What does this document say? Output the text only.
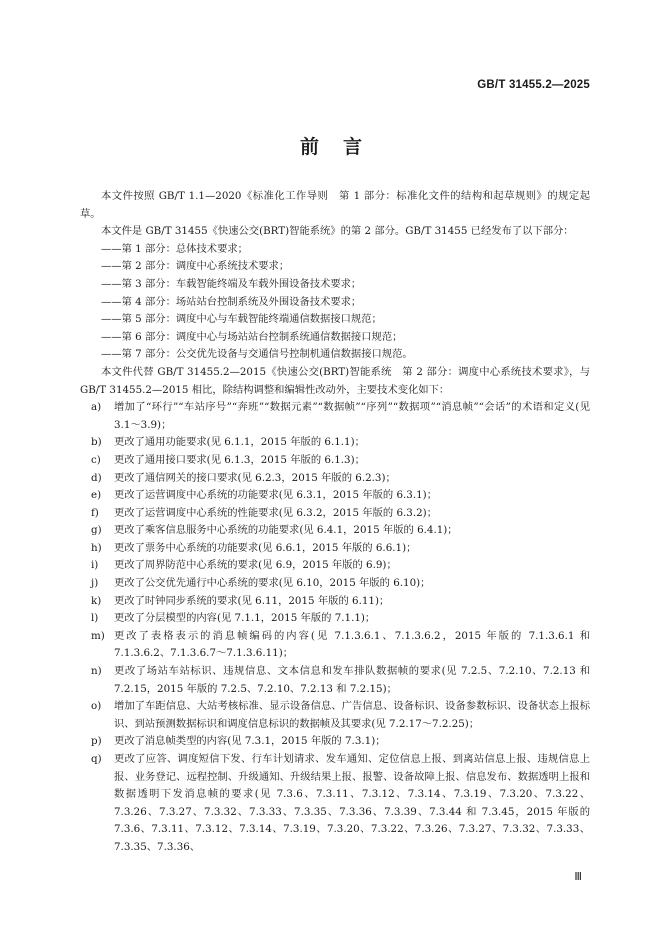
GB/T 31455.2—2025
前言

本文件按照 GB/T 1.1—2020《标准化工作导则　第 1 部分：标准化文件的结构和起草规则》的规定起草。

本文件是 GB/T 31455《快速公交(BRT)智能系统》的第 2 部分。GB/T 31455 已经发布了以下部分：

——第 1 部分：总体技术要求；

——第 2 部分：调度中心系统技术要求；

——第 3 部分：车载智能终端及车载外围设备技术要求；

——第 4 部分：场站站台控制系统及外围设备技术要求；

——第 5 部分：调度中心与车载智能终端通信数据接口规范；

——第 6 部分：调度中心与场站站台控制系统通信数据接口规范；

——第 7 部分：公交优先设备与交通信号控制机通信数据接口规范。

本文件代替 GB/T 31455.2—2015《快速公交(BRT)智能系统　第 2 部分：调度中心系统技术要求》，与 GB/T 31455.2—2015 相比，除结构调整和编辑性改动外，主要技术变化如下：

a)	增加了“环行”“车站序号”“奔班”“数据元素”“数据帧”“序列”“数据项”“消息帧”“会话”的术语和定义(见 3.1～3.9)；
b)	更改了通用功能要求(见 6.1.1，2015 年版的 6.1.1)；
c)	更改了通用接口要求(见 6.1.3，2015 年版的 6.1.3)；
d)	更改了通信网关的接口要求(见 6.2.3，2015 年版的 6.2.3)；
e)	更改了运营调度中心系统的功能要求(见 6.3.1，2015 年版的 6.3.1)；
f)	更改了运营调度中心系统的性能要求(见 6.3.2，2015 年版的 6.3.2)；
g)	更改了乘客信息服务中心系统的功能要求(见 6.4.1，2015 年版的 6.4.1)；
h)	更改了票务中心系统的功能要求(见 6.6.1，2015 年版的 6.6.1)；
i)	更改了周界防范中心系统的要求(见 6.9，2015 年版的 6.9)；
j)	更改了公交优先通行中心系统的要求(见 6.10，2015 年版的 6.10)；
k)	更改了时钟同步系统的要求(见 6.11，2015 年版的 6.11)；
l)	更改了分层模型的内容(见 7.1.1，2015 年版的 7.1.1)；
m) 更改了表格表示的消息帧编码的内容(见 7.1.3.6.1、7.1.3.6.2，2015 年版的 7.1.3.6.1 和 7.1.3.6.2、7.1.3.6.7～7.1.3.6.11)；
n)	更改了场站车站标识、违规信息、文本信息和发车排队数据帧的要求(见 7.2.5、7.2.10、7.2.13 和 7.2.15，2015 年版的 7.2.5、7.2.10、7.2.13 和 7.2.15)；
o)	增加了车距信息、大站考核标准、显示设备信息、广告信息、设备标识、设备参数标识、设备状态上报标识、到站预测数据标识和调度信息标识的数据帧及其要求(见 7.2.17～7.2.25)；
p)	更改了消息帧类型的内容(见 7.3.1，2015 年版的 7.3.1)；
q)	更改了应答、调度短信下发、行车计划请求、发车通知、定位信息上报、到离站信息上报、违规信息上报、业务登记、远程控制、升级通知、升级结果上报、报警、设备故障上报、信息发布、数据透明上报和数据透明下发消息帧的要求(见 7.3.6、7.3.11、7.3.12、7.3.14、7.3.19、7.3.20、7.3.22、7.3.26、7.3.27、7.3.32、7.3.33、7.3.35、7.3.36、7.3.39、7.3.44 和 7.3.45，2015 年版的 7.3.6、7.3.11、7.3.12、7.3.14、7.3.19、7.3.20、7.3.22、7.3.26、7.3.27、7.3.32、7.3.33、7.3.35、7.3.36、
Ⅲ
